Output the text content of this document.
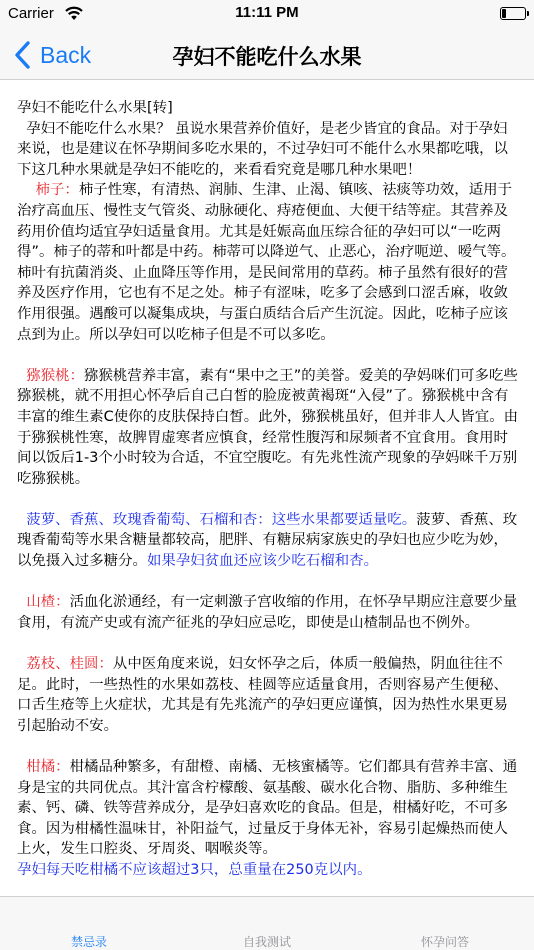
Carrier	11:11 PM
Back	孕妇不能吃什么水果

孕妇不能吃什么水果[转]

孕妇不能吃什么水果？ 虽说水果营养价值好，是老少皆宜的食品。对于孕妇来说，也是建议在怀孕期间多吃水果的，不过孕妇可不能什么水果都吃哦，以下这几种水果就是孕妇不能吃的，来看看究竟是哪几种水果吧！

柿子：柿子性寒，有清热、润肺、生津、止渴、镇咳、祛痰等功效，适用于治疗高血压、慢性支气管炎、动脉硬化、痔疮便血、大便干结等症。其营养及药用价值均适宜孕妇适量食用。尤其是妊娠高血压综合征的孕妇可以“一吃两得”。柿子的蒂和叶都是中药。柿蒂可以降逆气、止恶心，治疗呃逆、嗳气等。柿叶有抗菌消炎、止血降压等作用，是民间常用的草药。柿子虽然有很好的营养及医疗作用，它也有不足之处。柿子有涩味，吃多了会感到口涩舌麻，收敛作用很强。遇酸可以凝集成块，与蛋白质结合后产生沉淀。因此，吃柿子应该点到为止。所以孕妇可以吃柿子但是不可以多吃。

猕猴桃：猕猴桃营养丰富，素有“果中之王”的美誉。爱美的孕妈咪们可多吃些猕猴桃，就不用担心怀孕后自己白皙的脸庞被黄褐斑“入侵”了。猕猴桃中含有丰富的维生素C使你的皮肤保持白皙。此外，猕猴桃虽好，但并非人人皆宜。由于猕猴桃性寒，故脾胃虚寒者应慎食，经常性腹泻和尿频者不宜食用。食用时间以饭后1-3个小时较为合适，不宜空腹吃。有先兆性流产现象的孕妈咪千万别吃猕猴桃。

菠萝、香蕉、玫瑰香葡萄、石榴和杏：这些水果都要适量吃。菠萝、香蕉、玫瑰香葡萄等水果含糖量都较高，肥胖、有糖尿病家族史的孕妇也应少吃为妙，以免摄入过多糖分。如果孕妇贫血还应该少吃石榴和杏。

山楂：活血化淤通经，有一定刺激子宫收缩的作用，在怀孕早期应注意要少量食用，有流产史或有流产征兆的孕妇应忌吃，即使是山楂制品也不例外。

荔枝、桂圆：从中医角度来说，妇女怀孕之后，体质一般偏热，阴血往往不足。此时，一些热性的水果如荔枝、桂圆等应适量食用，否则容易产生便秘、口舌生疮等上火症状，尤其是有先兆流产的孕妇更应谨慎，因为热性水果更易引起胎动不安。

柑橘：柑橘品种繁多，有甜橙、南橘、无核蜜橘等。它们都具有营养丰富、通身是宝的共同优点。其汁富含柠檬酸、氨基酸、碳水化合物、脂肪、多种维生素、钙、磷、铁等营养成分，是孕妇喜欢吃的食品。但是，柑橘好吃，不可多食。因为柑橘性温味甘，补阳益气，过量反于身体无补，容易引起燥热而使人上火，发生口腔炎、牙周炎、咽喉炎等。

孕妇每天吃柑橘不应该超过3只，总重量在250克以内。

禁忌录	自我测试	怀孕问答
